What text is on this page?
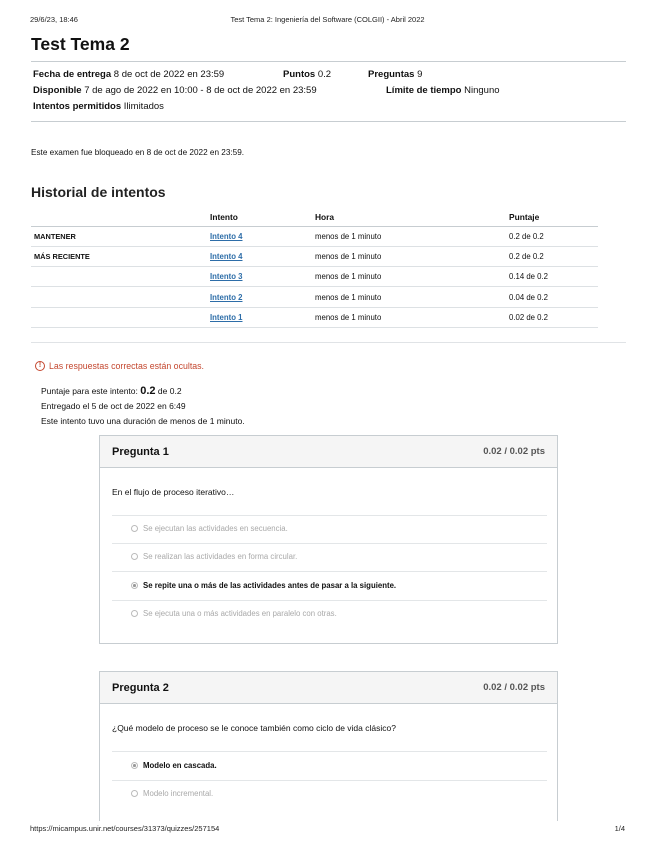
29/6/23, 18:46	Test Tema 2: Ingeniería del Software (COLGII) - Abril 2022
Test Tema 2
Fecha de entrega 8 de oct de 2022 en 23:59	Puntos 0.2	Preguntas 9
Disponible 7 de ago de 2022 en 10:00 - 8 de oct de 2022 en 23:59	Límite de tiempo Ninguno
Intentos permitidos Ilimitados

Este examen fue bloqueado en 8 de oct de 2022 en 23:59.

Historial de intentos
	Intento	Hora	Puntaje
MANTENER	Intento 4	menos de 1 minuto	0.2 de 0.2
MÁS RECIENTE	Intento 4	menos de 1 minuto	0.2 de 0.2
	Intento 3	menos de 1 minuto	0.14 de 0.2
	Intento 2	menos de 1 minuto	0.04 de 0.2
	Intento 1	menos de 1 minuto	0.02 de 0.2
! Las respuestas correctas están ocultas.
Puntaje para este intento: 0.2 de 0.2
Entregado el 5 de oct de 2022 en 6:49
Este intento tuvo una duración de menos de 1 minuto.
Pregunta 1	0.02 / 0.02 pts
En el flujo de proceso iterativo…
Se ejecutan las actividades en secuencia.
Se realizan las actividades en forma circular.
Se repite una o más de las actividades antes de pasar a la siguiente.
Se ejecuta una o más actividades en paralelo con otras.
Pregunta 2	0.02 / 0.02 pts
¿Qué modelo de proceso se le conoce también como ciclo de vida clásico?
Modelo en cascada.
Modelo incremental.
https://micampus.unir.net/courses/31373/quizzes/257154	1/4
